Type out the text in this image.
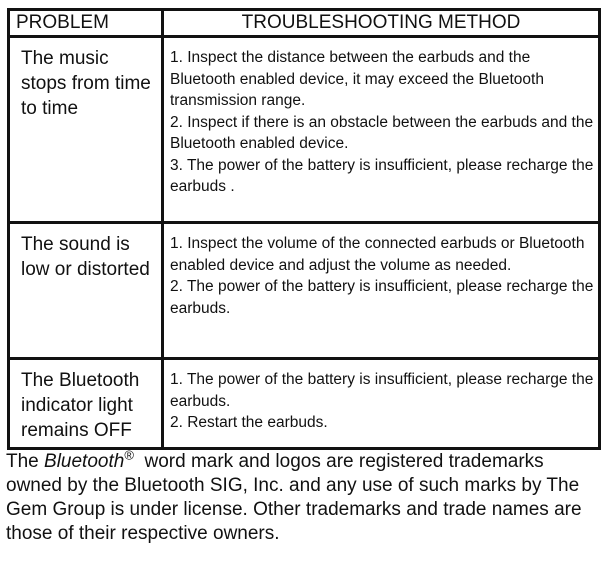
PROBLEM	TROUBLESHOOTING METHOD
The music stops from time to time	1. Inspect the distance between the earbuds and the Bluetooth enabled device, it may exceed the Bluetooth transmission range.
2. Inspect if there is an obstacle between the earbuds and the Bluetooth enabled device.
3. The power of the battery is insufficient, please recharge the earbuds .

The sound is low or distorted	1. Inspect the volume of the connected earbuds or Bluetooth enabled device and adjust the volume as needed.
2. The power of the battery is insufficient, please recharge the earbuds.

The Bluetooth indicator light remains OFF	1. The power of the battery is insufficient, please recharge the earbuds.
2. Restart the earbuds.

The Bluetooth® word mark and logos are registered trademarks owned by the Bluetooth SIG, Inc. and any use of such marks by The Gem Group is under license. Other trademarks and trade names are those of their respective owners.
